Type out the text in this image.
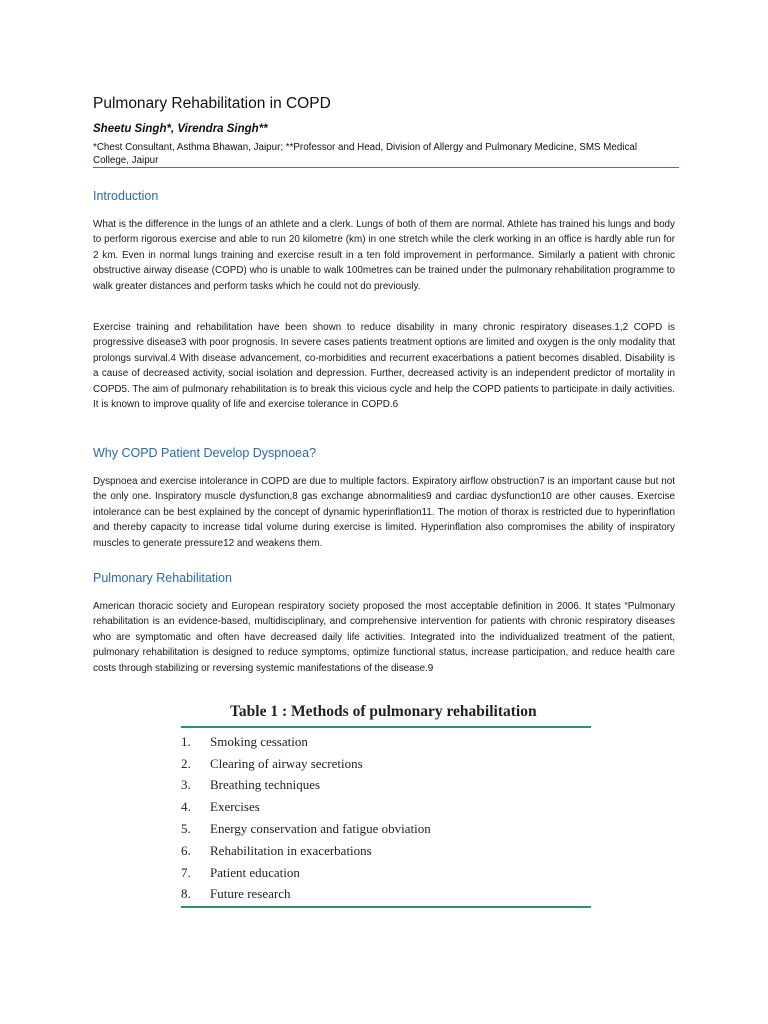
Pulmonary Rehabilitation in COPD
Sheetu Singh*, Virendra Singh**
*Chest Consultant, Asthma Bhawan, Jaipur; **Professor and Head, Division of Allergy and Pulmonary Medicine, SMS Medical College, Jaipur
Introduction

What is the difference in the lungs of an athlete and a clerk. Lungs of both of them are normal. Athlete has trained his lungs and body to perform rigorous exercise and able to run 20 kilometre (km) in one stretch while the clerk working in an office is hardly able run for 2 km. Even in normal lungs training and exercise result in a ten fold improvement in performance. Similarly a patient with chronic obstructive airway disease (COPD) who is unable to walk 100metres can be trained under the pulmonary rehabilitation programme to walk greater distances and perform tasks which he could not do previously.

Exercise training and rehabilitation have been shown to reduce disability in many chronic respiratory diseases.1,2 COPD is progressive disease3 with poor prognosis. In severe cases patients treatment options are limited and oxygen is the only modality that prolongs survival.4 With disease advancement, co-morbidities and recurrent exacerbations a patient becomes disabled. Disability is a cause of decreased activity, social isolation and depression. Further, decreased activity is an independent predictor of mortality in COPD5. The aim of pulmonary rehabilitation is to break this vicious cycle and help the COPD patients to participate in daily activities. It is known to improve quality of life and exercise tolerance in COPD.6

Why COPD Patient Develop Dyspnoea?

Dyspnoea and exercise intolerance in COPD are due to multiple factors. Expiratory airflow obstruction7 is an important cause but not the only one. Inspiratory muscle dysfunction,8 gas exchange abnormalities9 and cardiac dysfunction10 are other causes. Exercise intolerance can be best explained by the concept of dynamic hyperinflation11. The motion of thorax is restricted due to hyperinflation and thereby capacity to increase tidal volume during exercise is limited. Hyperinflation also compromises the ability of inspiratory muscles to generate pressure12 and weakens them.

Pulmonary Rehabilitation

American thoracic society and European respiratory society proposed the most acceptable definition in 2006. It states “Pulmonary rehabilitation is an evidence-based, multidisciplinary, and comprehensive intervention for patients with chronic respiratory diseases who are symptomatic and often have decreased daily life activities. Integrated into the individualized treatment of the patient, pulmonary rehabilitation is designed to reduce symptoms, optimize functional status, increase participation, and reduce health care costs through stabilizing or reversing systemic manifestations of the disease.9

Table 1 : Methods of pulmonary rehabilitation
1.	Smoking cessation
2.	Clearing of airway secretions
3.	Breathing techniques
4.	Exercises
5.	Energy conservation and fatigue obviation
6.	Rehabilitation in exacerbations
7.	Patient education
8.	Future research
